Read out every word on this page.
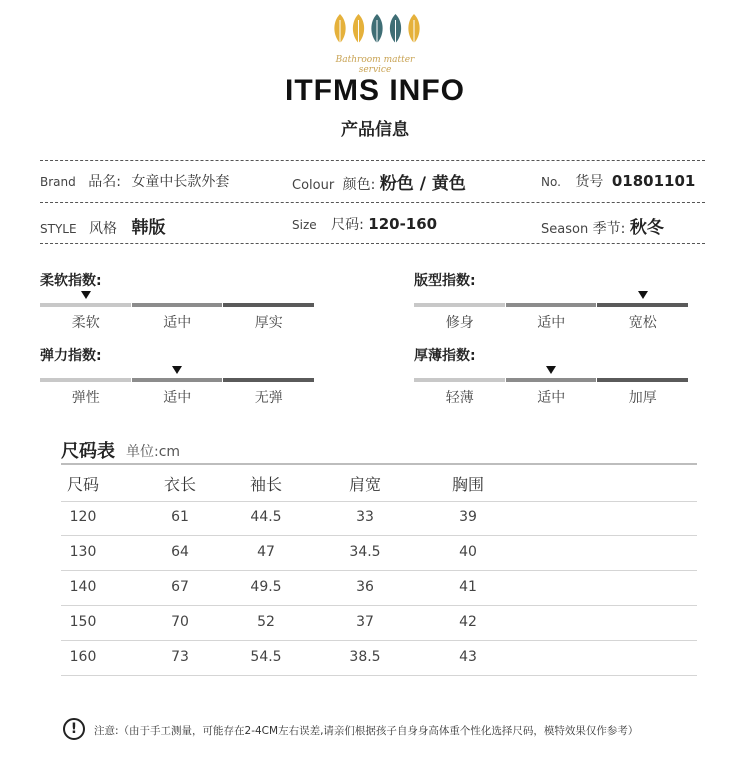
Bathroom matter
service
ITFMS INFO
产品信息
Brand 品名: 女童中长款外套	Colour 颜色: 粉色 / 黄色	No. 货号 01801101
STYLE 风格 韩版	Size 尺码: 120-160	Season 季节: 秋冬
柔软指数:
柔软	适中	厚实
版型指数:
修身	适中	宽松
弹力指数:
弹性	适中	无弹
厚薄指数:
轻薄	适中	加厚
尺码表 单位:cm
尺码	衣长	袖长	肩宽	胸围
120	61	44.5	33	39
130	64	47	34.5	40
140	67	49.5	36	41
150	70	52	37	42
160	73	54.5	38.5	43
!	注意:（由于手工测量，可能存在2-4CM左右误差,请亲们根据孩子自身身高体重个性化选择尺码，模特效果仅作参考）
